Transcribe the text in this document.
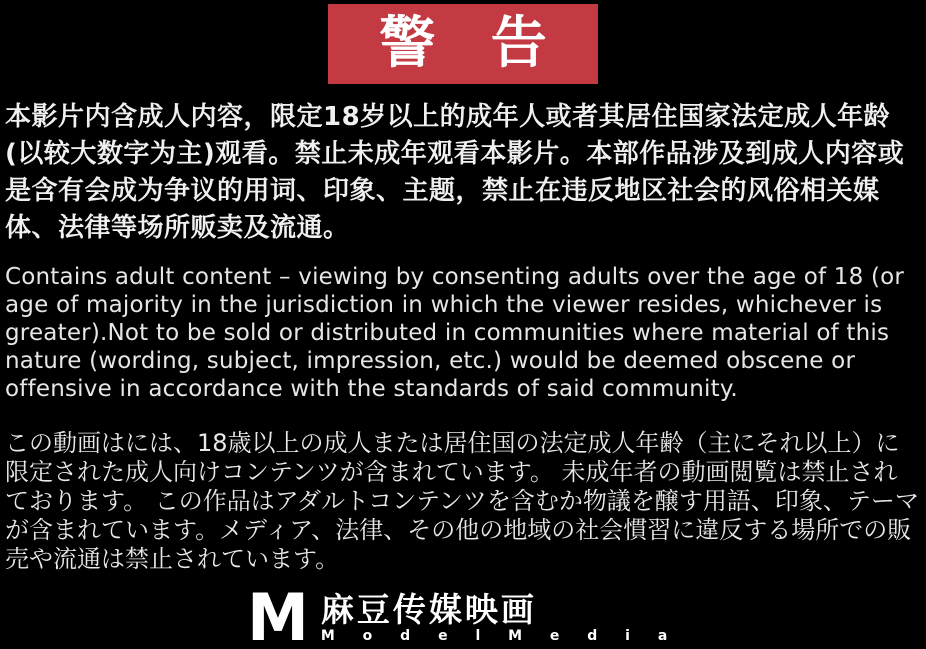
警 告

本影片内含成人内容，限定18岁以上的成年人或者其居住国家法定成人年龄(以较大数字为主)观看。禁止未成年观看本影片。本部作品涉及到成人内容或是含有会成为争议的用词、印象、主题，禁止在违反地区社会的风俗相关媒体、法律等场所贩卖及流通。

Contains adult content – viewing by consenting adults over the age of 18 (or age of majority in the jurisdiction in which the viewer resides, whichever is greater).Not to be sold or distributed in communities where material of this nature (wording, subject, impression, etc.) would be deemed obscene or offensive in accordance with the standards of said community.

この動画はには、18歳以上の成人または居住国の法定成人年齢（主にそれ以上）に限定された成人向けコンテンツが含まれています。 未成年者の動画閲覧は禁止されております。 この作品はアダルトコンテンツを含むか物議を醸す用語、印象、テーマが含まれています。メディア、法律、その他の地域の社会慣習に違反する場所での販売や流通は禁止されています。

M 麻豆传媒映画
M o d e l M e d i a
